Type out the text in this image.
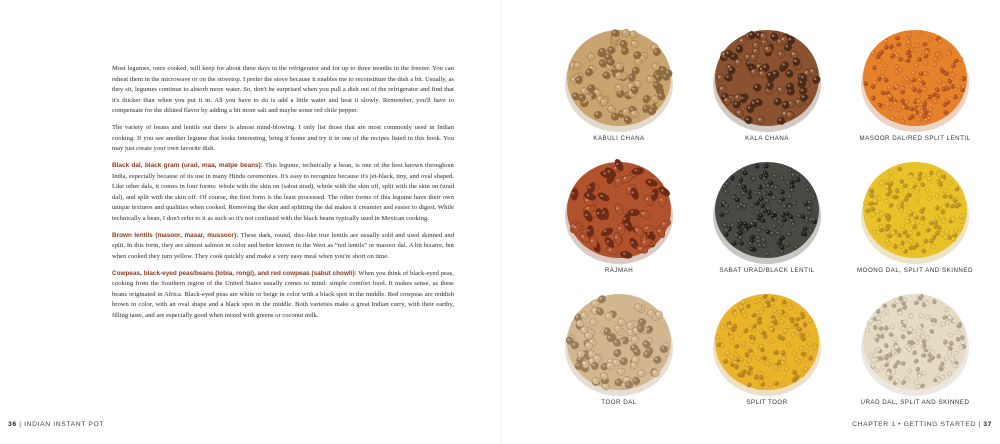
Most legumes, once cooked, will keep for about three days in the refrigerator and for up to three months in the freezer. You can reheat them in the microwave or on the stovetop. I prefer the stove because it enables me to reconstitute the dish a bit. Usually, as they sit, legumes continue to absorb more water. So, don't be surprised when you pull a dish out of the refrigerator and find that it's thicker than when you put it in. All you have to do is add a little water and heat it slowly. Remember, you'll have to compensate for the diluted flavor by adding a bit more salt and maybe some red chile pepper.

The variety of beans and lentils out there is almost mind-blowing. I only list those that are most commonly used in Indian cooking. If you see another legume that looks interesting, bring it home and try it in one of the recipes listed in this book. You may just create your own favorite dish.

Black dal, black gram (urad, maa, matpe beans): This legume, technically a bean, is one of the best known throughout India, especially because of its use in many Hindu ceremonies. It's easy to recognize because it's jet-black, tiny, and oval shaped. Like other dals, it comes in four forms: whole with the skin on (sabut urad), whole with the skin off, split with the skin on (urad dal), and split with the skin off. Of course, the first form is the least processed. The other forms of this legume have their own unique textures and qualities when cooked. Removing the skin and splitting the dal makes it creamier and easier to digest. While technically a bean, I don't refer to it as such so it's not confused with the black beans typically used in Mexican cooking.

Brown lentils (masoor, masar, mussoor): These dark, round, disc-like true lentils are usually sold and used skinned and split. In this form, they are almost salmon in color and better known in the West as “red lentils” or masoor dal. A bit bizarre, but when cooked they turn yellow. They cook quickly and make a very easy meal when you're short on time.

Cowpeas, black-eyed peas/beans (lobia, rongi), and red cowpeas (sabut chowli): When you think of black-eyed peas, cooking from the Southern region of the United States usually comes to mind: simple comfort food. It makes sense, as these beans originated in Africa. Black-eyed peas are white or beige in color with a black spot in the middle. Red cowpeas are reddish brown in color, with an oval shape and a black spot in the middle. Both varieties make a great Indian curry, with their earthy, filling taste, and are especially good when mixed with greens or coconut milk.

36 | INDIAN INSTANT POT
KABULI CHANA	KALA CHANA	MASOOR DAL/RED SPLIT LENTIL
RAJMAH	SABAT URAD/BLACK LENTIL	MOONG DAL, SPLIT AND SKINNED
TOOR DAL	SPLIT TOOR	URAD DAL, SPLIT AND SKINNED
CHAPTER 1 • GETTING STARTED | 37
